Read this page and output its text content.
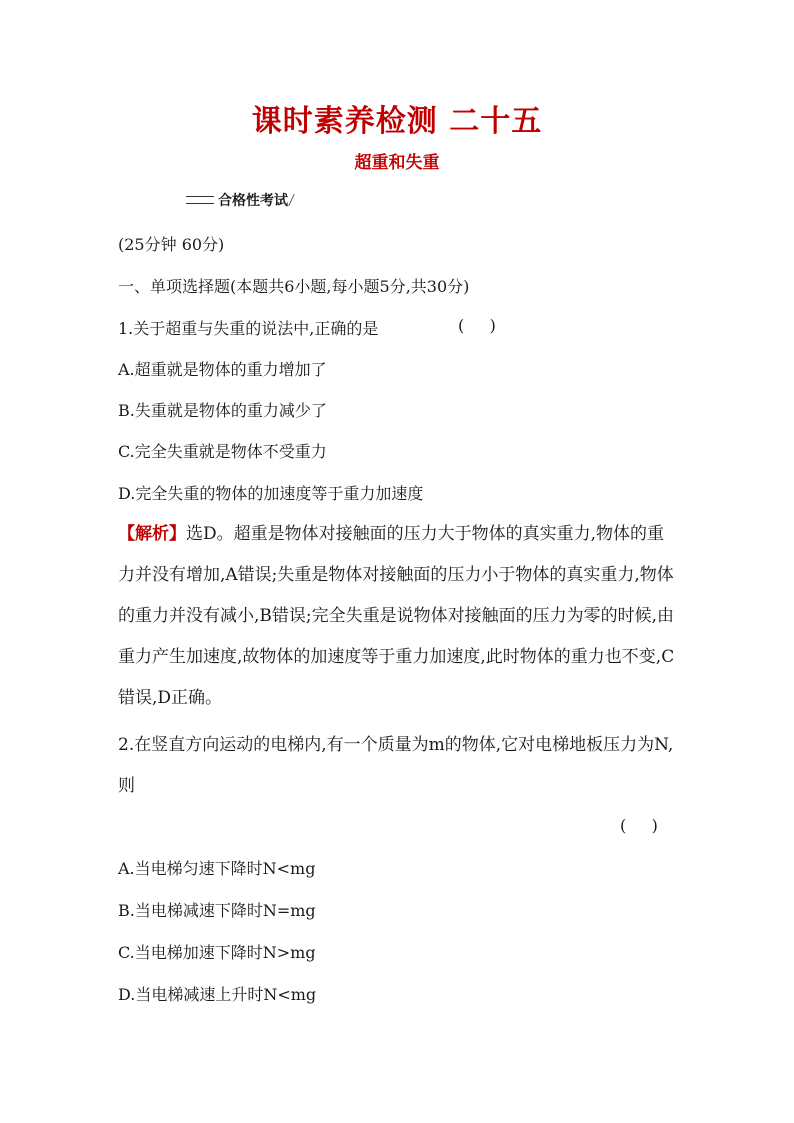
课时素养检测 二十五
超重和失重
合格性考试
(25分钟 60分)
一、单项选择题(本题共6小题,每小题5分,共30分)
1.关于超重与失重的说法中,正确的是	(     )
A.超重就是物体的重力增加了
B.失重就是物体的重力减少了
C.完全失重就是物体不受重力
D.完全失重的物体的加速度等于重力加速度
【解析】选D。超重是物体对接触面的压力大于物体的真实重力,物体的重力并没有增加,A错误;失重是物体对接触面的压力小于物体的真实重力,物体的重力并没有减小,B错误;完全失重是说物体对接触面的压力为零的时候,由重力产生加速度,故物体的加速度等于重力加速度,此时物体的重力也不变,C错误,D正确。
2.在竖直方向运动的电梯内,有一个质量为m的物体,它对电梯地板压力为N,则
(     )
A.当电梯匀速下降时N<mg
B.当电梯减速下降时N=mg
C.当电梯加速下降时N>mg
D.当电梯减速上升时N<mg
